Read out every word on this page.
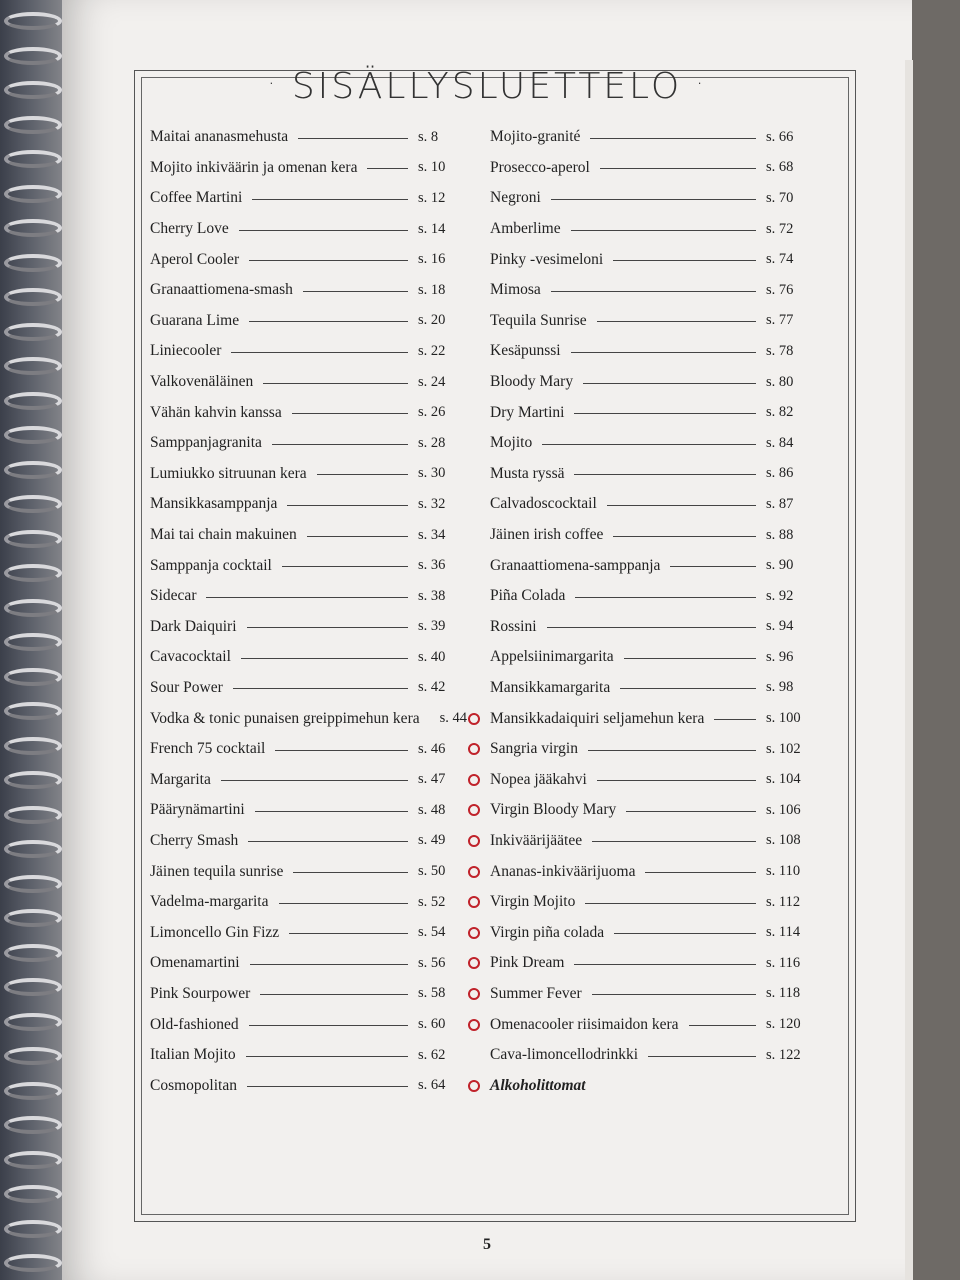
· SISÄLLYSLUETTELO ·
Maitai ananasmehusta	s. 8
Mojito inkiväärin ja omenan kera	s. 10
Coffee Martini	s. 12
Cherry Love	s. 14
Aperol Cooler	s. 16
Granaattiomena-smash	s. 18
Guarana Lime	s. 20
Liniecooler	s. 22
Valkovenäläinen	s. 24
Vähän kahvin kanssa	s. 26
Samppanjagranita	s. 28
Lumiukko sitruunan kera	s. 30
Mansikkasamppanja	s. 32
Mai tai chain makuinen	s. 34
Samppanja cocktail	s. 36
Sidecar	s. 38
Dark Daiquiri	s. 39
Cavacocktail	s. 40
Sour Power	s. 42
Vodka & tonic punaisen greippimehun kera s. 44
French 75 cocktail	s. 46
Margarita	s. 47
Päärynämartini	s. 48
Cherry Smash	s. 49
Jäinen tequila sunrise	s. 50
Vadelma-margarita	s. 52
Limoncello Gin Fizz	s. 54
Omenamartini	s. 56
Pink Sourpower	s. 58
Old-fashioned	s. 60
Italian Mojito	s. 62
Cosmopolitan	s. 64
Mojito-granité	s. 66
Prosecco-aperol	s. 68
Negroni	s. 70
Amberlime	s. 72
Pinky -vesimeloni	s. 74
Mimosa	s. 76
Tequila Sunrise	s. 77
Kesäpunssi	s. 78
Bloody Mary	s. 80
Dry Martini	s. 82
Mojito	s. 84
Musta ryssä	s. 86
Calvadoscocktail	s. 87
Jäinen irish coffee	s. 88
Granaattiomena-samppanja	s. 90
Piña Colada	s. 92
Rossini	s. 94
Appelsiinimargarita	s. 96
Mansikkamargarita	s. 98
Mansikkadaiquiri seljamehun kera	s. 100
Sangria virgin	s. 102
Nopea jääkahvi	s. 104
Virgin Bloody Mary	s. 106
Inkiväärijäätee	s. 108
Ananas-inkiväärijuoma	s. 110
Virgin Mojito	s. 112
Virgin piña colada	s. 114
Pink Dream	s. 116
Summer Fever	s. 118
Omenacooler riisimaidon kera	s. 120
Cava-limoncellodrinkki	s. 122
Alkoholittomat
5
